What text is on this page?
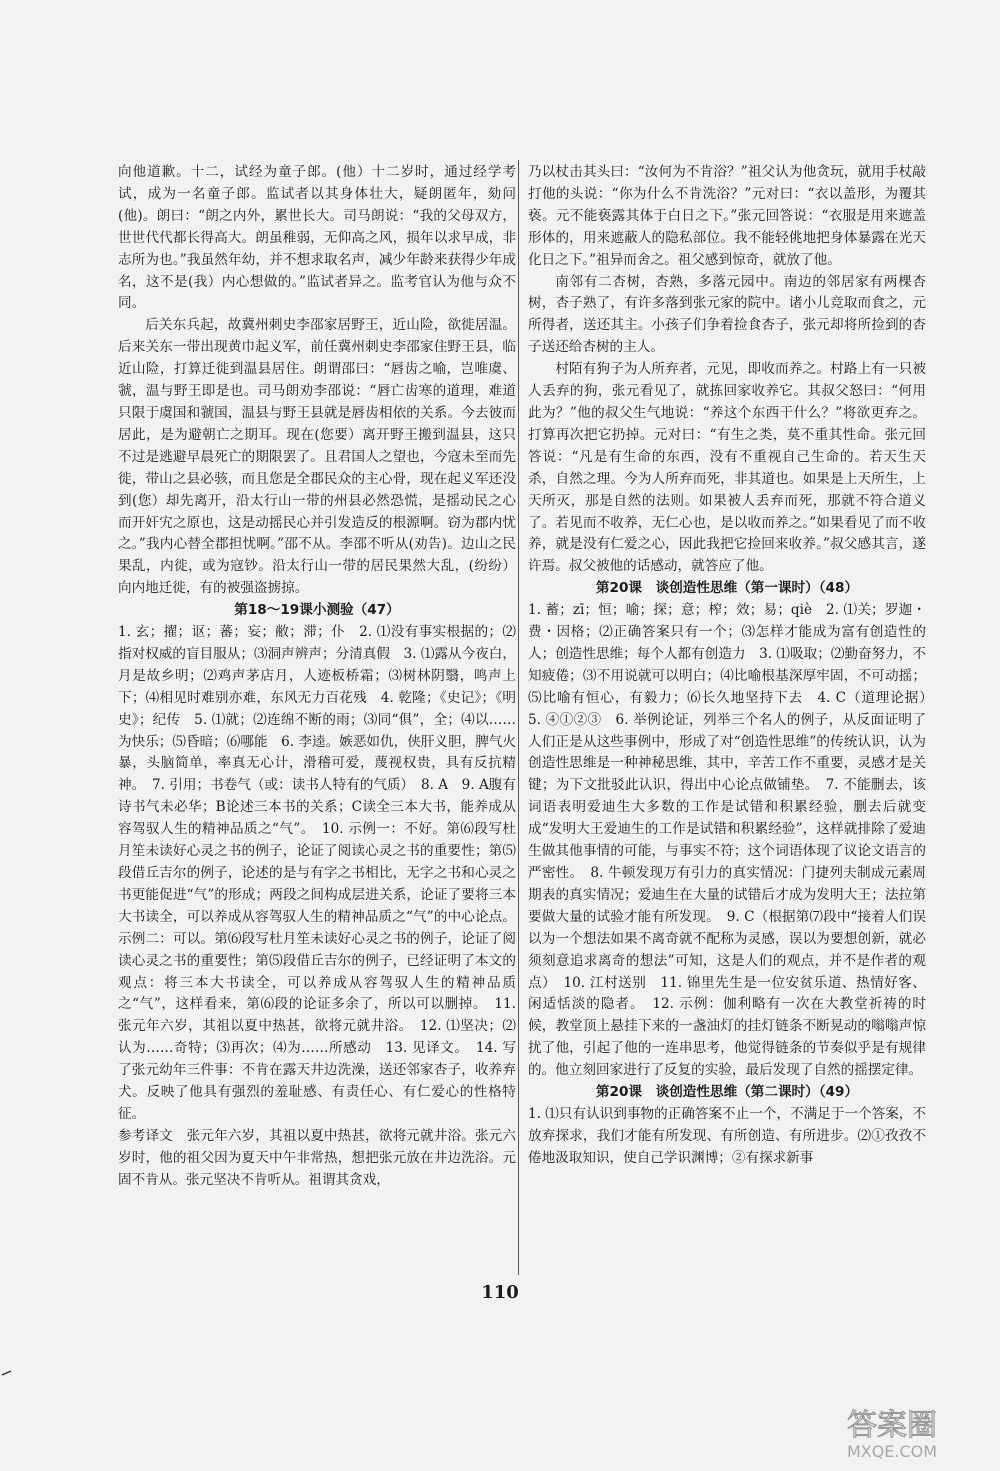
向他道歉。十二，试经为童子郎。(他）十二岁时，通过经学考试，成为一名童子郎。监试者以其身体壮大，疑朗匿年，劾问(他)。朗曰：“朗之内外，累世长大。司马朗说：“我的父母双方，世世代代都长得高大。朗虽稚弱，无仰高之风，损年以求早成，非志所为也。”我虽然年幼，并不想求取名声，减少年龄来获得少年成名，这不是(我）内心想做的。”监试者异之。监考官认为他与众不同。

后关东兵起，故冀州刺史李邵家居野王，近山险，欲徙居温。后来关东一带出现黄巾起义军，前任冀州刺史李邵家住野王县，临近山险，打算迁徙到温县居住。朗谓邵曰：“唇齿之喻，岂唯虞、虢，温与野王即是也。司马朗劝李邵说：“唇亡齿寒的道理，难道只限于虞国和虢国，温县与野王县就是唇齿相依的关系。今去彼而居此，是为避朝亡之期耳。现在(您要）离开野王搬到温县，这只不过是逃避早晨死亡的期限罢了。且君国人之望也，今寇未至而先徙，带山之县必骇，而且您是全郡民众的主心骨，现在起义军还没到(您）却先离开，沿太行山一带的州县必然恐慌，是摇动民之心而开奸宄之原也，这是动摇民心并引发造反的根源啊。窃为郡内忧之。”我内心替全郡担忧啊。”邵不从。李邵不听从(劝告)。边山之民果乱，内徙，或为寇钞。沿太行山一带的居民果然大乱，(纷纷）向内地迁徙，有的被强盗掳掠。

第18～19课小测验（47）

1. 玄；擢；讴；蕃；妄；敝；滞；仆　2. ⑴没有事实根据的；⑵指对权威的盲目服从；⑶洞声辨声；分清真假　3. ⑴露从今夜白，月是故乡明；⑵鸡声茅店月，人迹板桥霜；⑶树林阴翳，鸣声上下；⑷相见时难别亦难，东风无力百花残　4. 乾隆；《史记》；《明史》；纪传　5. ⑴就；⑵连绵不断的雨；⑶同“俱”，全；⑷以……为快乐；⑸昏暗；⑹哪能　6. 李逵。嫉恶如仇，侠肝义胆，脾气火暴，头脑简单，率真无心计，滑稽可爱，蔑视权贵，具有反抗精神。　7. 引用；书卷气（或：读书人特有的气质）　8. A　9. A腹有诗书气未必华；B论述三本书的关系；C读全三本大书，能养成从容驾驭人生的精神品质之“气”。　10. 示例一：不好。第⑹段写杜月笙未读好心灵之书的例子，论证了阅读心灵之书的重要性；第⑸段借丘吉尔的例子，论述的是与有字之书相比，无字之书和心灵之书更能促进“气”的形成；两段之间构成层进关系，论证了要将三本大书读全，可以养成从容驾驭人生的精神品质之“气”的中心论点。示例二：可以。第⑹段写杜月笙未读好心灵之书的例子，论证了阅读心灵之书的重要性；第⑸段借丘吉尔的例子，已经证明了本文的观点：将三本大书读全，可以养成从容驾驭人生的精神品质之“气”，这样看来，第⑹段的论证多余了，所以可以删掉。　11. 张元年六岁，其祖以夏中热甚，欲将元就井浴。　12. ⑴坚决；⑵认为……奇特；⑶再次；⑷为……所感动　13. 见译文。　14. 写了张元幼年三件事：不肯在露天井边洗澡，送还邻家杏子，收养弃犬。反映了他具有强烈的羞耻感、有责任心、有仁爱心的性格特征。

参考译文　张元年六岁，其祖以夏中热甚，欲将元就井浴。张元六岁时，他的祖父因为夏天中午非常热，想把张元放在井边洗浴。元固不肯从。张元坚决不肯听从。祖谓其贪戏，

乃以杖击其头曰：“汝何为不肯浴？”祖父认为他贪玩，就用手杖敲打他的头说：“你为什么不肯洗浴？”元对曰：“衣以盖形，为覆其亵。元不能亵露其体于白日之下。”张元回答说：“衣服是用来遮盖形体的，用来遮蔽人的隐私部位。我不能轻佻地把身体暴露在光天化日之下。”祖异而舍之。祖父感到惊奇，就放了他。

南邻有二杏树，杏熟，多落元园中。南边的邻居家有两棵杏树，杏子熟了，有许多落到张元家的院中。诸小儿竞取而食之，元所得者，送还其主。小孩子们争着捡食杏子，张元却将所捡到的杏子送还给杏树的主人。

村陌有狗子为人所弃者，元见，即收而养之。村路上有一只被人丢弃的狗，张元看见了，就拣回家收养它。其叔父怒曰：“何用此为？”他的叔父生气地说：“养这个东西干什么？”将欲更弃之。打算再次把它扔掉。元对曰：“有生之类，莫不重其性命。张元回答说：“凡是有生命的东西，没有不重视自己生命的。若天生天杀，自然之理。今为人所弃而死，非其道也。如果是上天所生，上天所灭，那是自然的法则。如果被人丢弃而死，那就不符合道义了。若见而不收养，无仁心也，是以收而养之。”如果看见了而不收养，就是没有仁爱之心，因此我把它捡回来收养。”叔父感其言，遂许焉。叔父被他的话感动，就答应了他。

第20课　谈创造性思维（第一课时）（48）

1. 蓄；zī；恒；喻；探；意；榨；效；易；qiè　2. ⑴关；罗迦・费・因格；⑵正确答案只有一个；⑶怎样才能成为富有创造性的人；创造性思维；每个人都有创造力　3. ⑴吸取；⑵勤奋努力，不知疲倦；⑶不用说就可以明白；⑷比喻根基深厚牢固，不可动摇；⑸比喻有恒心，有毅力；⑹长久地坚持下去　4. C（道理论据）　5. ④①②③　6. 举例论证，列举三个名人的例子，从反面证明了人们正是从这些事例中，形成了对“创造性思维”的传统认识，认为创造性思维是一种神秘思维，其中，辛苦工作不重要，灵感才是关键；为下文批驳此认识，得出中心论点做铺垫。　7. 不能删去，该词语表明爱迪生大多数的工作是试错和积累经验，删去后就变成“发明大王爱迪生的工作是试错和积累经验”，这样就排除了爱迪生做其他事情的可能，与事实不符；这个词语体现了议论文语言的严密性。　8. 牛顿发现万有引力的真实情况：门捷列夫制成元素周期表的真实情况；爱迪生在大量的试错后才成为发明大王；法拉第要做大量的试验才能有所发现。　9. C（根据第⑺段中“接着人们误以为一个想法如果不离奇就不配称为灵感，误以为要想创新，就必须刻意追求离奇的想法”可知，这是人们的观点，并不是作者的观点）　10. 江村送别　11. 锦里先生是一位安贫乐道、热情好客、闲适恬淡的隐者。　12. 示例：伽利略有一次在大教堂祈祷的时候，教堂顶上悬挂下来的一盏油灯的挂灯链条不断晃动的嗡嗡声惊扰了他，引起了他的一连串思考，他觉得链条的节奏似乎是有规律的。他立刻回家进行了反复的实验，最后发现了自然的摇摆定律。

第20课　谈创造性思维（第二课时）（49）

1. ⑴只有认识到事物的正确答案不止一个，不满足于一个答案，不放弃探求，我们才能有所发现、有所创造、有所进步。⑵①孜孜不倦地汲取知识，使自己学识渊博；②有探求新事

110
答案圈
MXQE.COM
